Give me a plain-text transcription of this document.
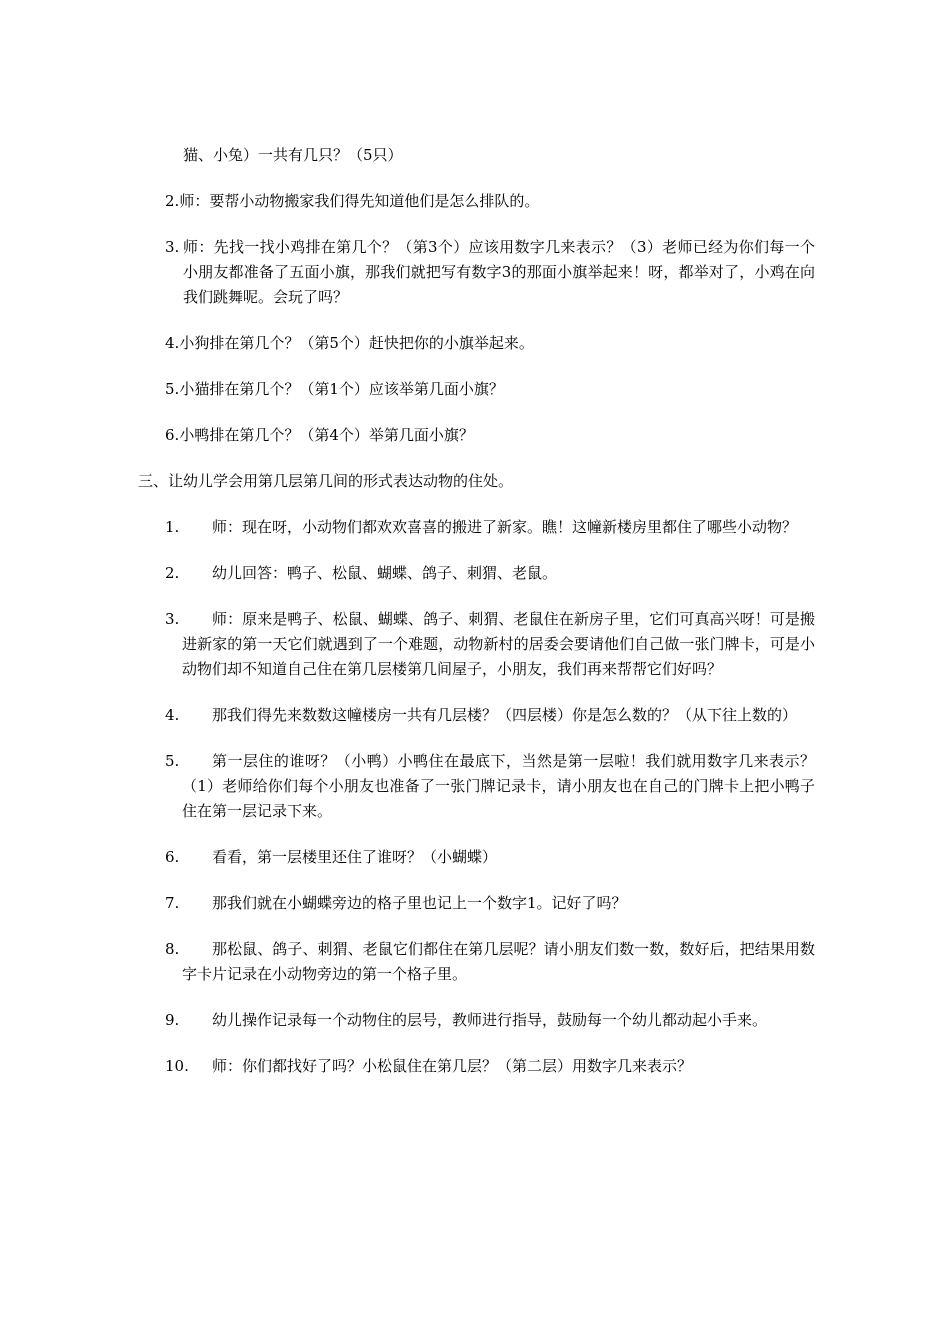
猫、小兔）一共有几只？（5只）

2.师：要帮小动物搬家我们得先知道他们是怎么排队的。
3. 师：先找一找小鸡排在第几个？（第3个）应该用数字几来表示？（3）老师已经为你们每一个小朋友都准备了五面小旗，那我们就把写有数字3的那面小旗举起来！呀，都举对了，小鸡在向我们跳舞呢。会玩了吗？
4.小狗排在第几个？（第5个）赶快把你的小旗举起来。
5.小猫排在第几个？（第1个）应该举第几面小旗？
6.小鸭排在第几个？（第4个）举第几面小旗？
三、让幼儿学会用第几层第几间的形式表达动物的住处。
1.	师：现在呀，小动物们都欢欢喜喜的搬进了新家。瞧！这幢新楼房里都住了哪些小动物？
2.	幼儿回答：鸭子、松鼠、蝴蝶、鸽子、刺猬、老鼠。
3.	师：原来是鸭子、松鼠、蝴蝶、鸽子、刺猬、老鼠住在新房子里，它们可真高兴呀！可是搬进新家的第一天它们就遇到了一个难题，动物新村的居委会要请他们自己做一张门牌卡，可是小动物们却不知道自己住在第几层楼第几间屋子，小朋友，我们再来帮帮它们好吗？
4.	那我们得先来数数这幢楼房一共有几层楼？（四层楼）你是怎么数的？（从下往上数的）
5.	第一层住的谁呀？（小鸭）小鸭住在最底下，当然是第一层啦！我们就用数字几来表示？（1）老师给你们每个小朋友也准备了一张门牌记录卡，请小朋友也在自己的门牌卡上把小鸭子住在第一层记录下来。
6.	看看，第一层楼里还住了谁呀？（小蝴蝶）
7.	那我们就在小蝴蝶旁边的格子里也记上一个数字1。记好了吗？
8.	那松鼠、鸽子、刺猬、老鼠它们都住在第几层呢？请小朋友们数一数，数好后，把结果用数字卡片记录在小动物旁边的第一个格子里。
9.	幼儿操作记录每一个动物住的层号，教师进行指导，鼓励每一个幼儿都动起小手来。
10.	师：你们都找好了吗？小松鼠住在第几层？（第二层）用数字几来表示？
